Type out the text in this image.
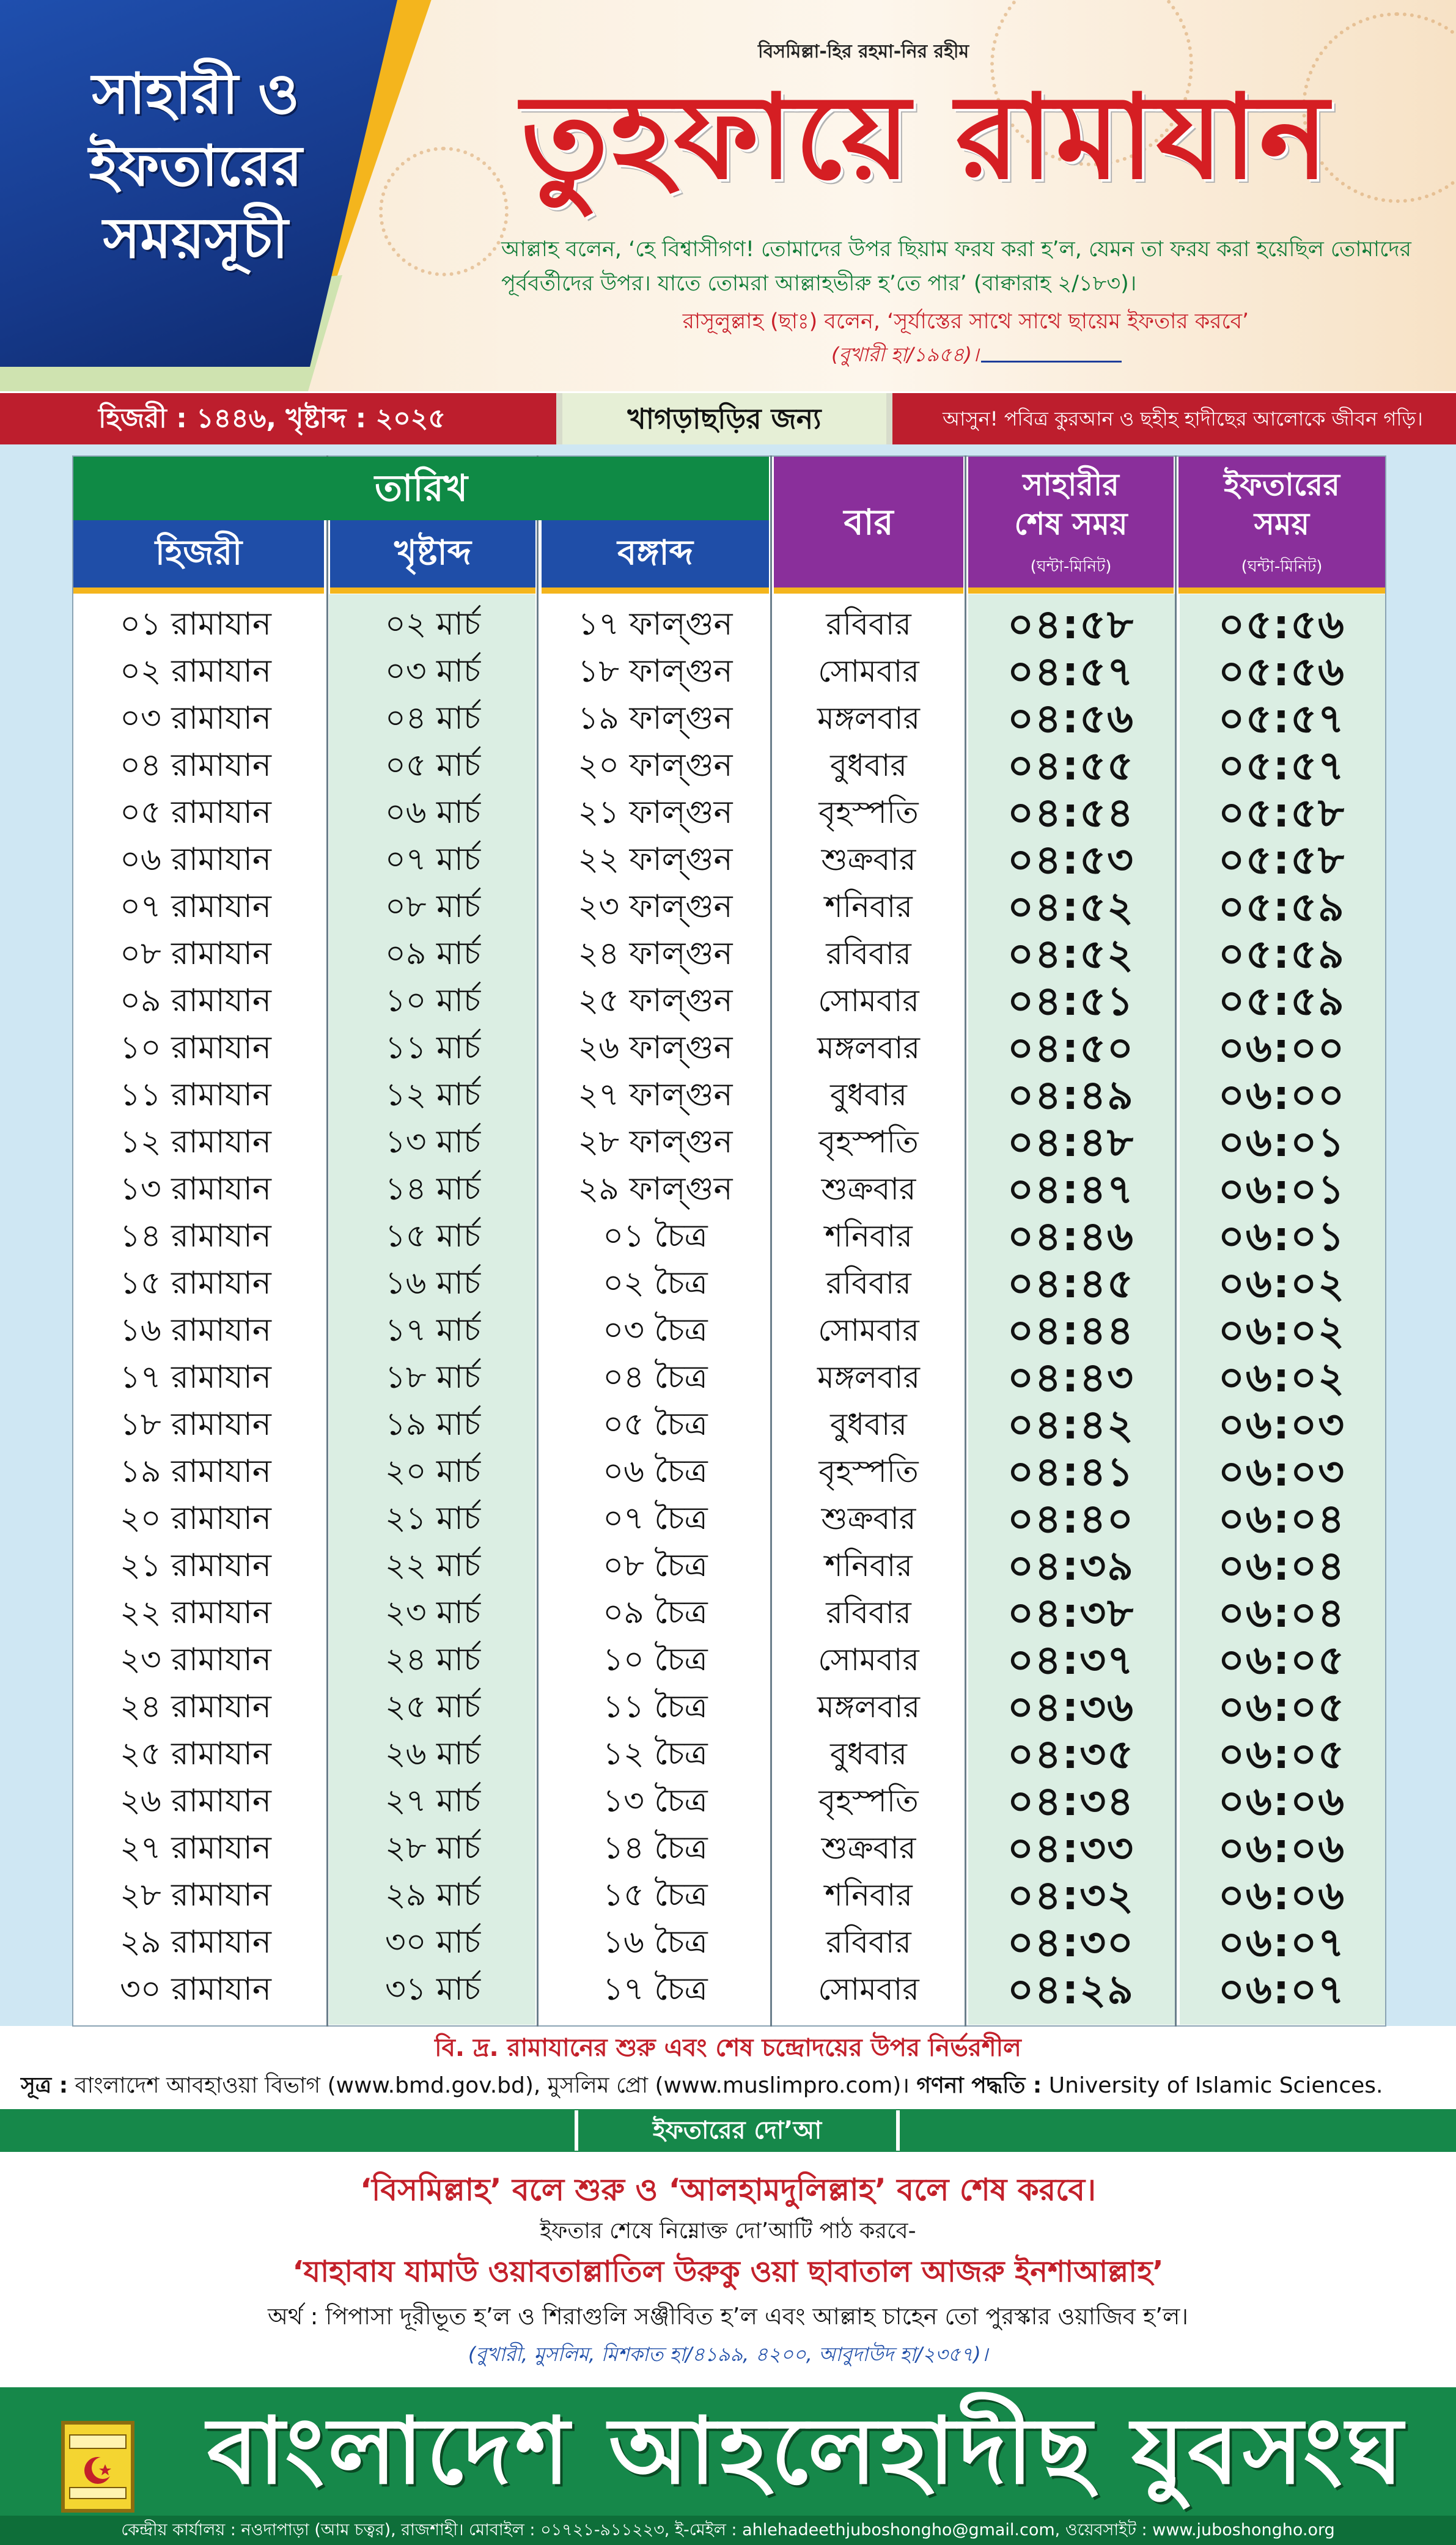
সাহারী ও
ইফতারের
সময়সূচী
বিসমিল্লা-হির রহমা-নির রহীম
তুহফায়ে রামাযান
আল্লাহ বলেন, ‘হে বিশ্বাসীগণ! তোমাদের উপর ছিয়াম ফরয করা হ’ল, যেমন তা ফরয করা হয়েছিল তোমাদের পূর্ববর্তীদের উপর। যাতে তোমরা আল্লাহভীরু হ’তে পার’ (বাক্বারাহ ২/১৮৩)।
রাসূলুল্লাহ (ছাঃ) বলেন, ‘সূর্যাস্তের সাথে সাথে ছায়েম ইফতার করবে’
(বুখারী হা/১৯৫৪)।
হিজরী : ১৪৪৬, খৃষ্টাব্দ : ২০২৫	খাগড়াছড়ির জন্য	আসুন! পবিত্র কুরআন ও ছহীহ হাদীছের আলোকে জীবন গড়ি।
তারিখ
হিজরী	খৃষ্টাব্দ	বঙ্গাব্দ
বার
সাহারীর শেষ সময়
(ঘন্টা-মিনিট)
ইফতারের সময়
(ঘন্টা-মিনিট)
০১ রামাযান	০২ মার্চ	১৭ ফাল্গুন	রবিবার	০৪:৫৮	০৫:৫৬
০২ রামাযান	০৩ মার্চ	১৮ ফাল্গুন	সোমবার	০৪:৫৭	০৫:৫৬
০৩ রামাযান	০৪ মার্চ	১৯ ফাল্গুন	মঙ্গলবার	০৪:৫৬	০৫:৫৭
০৪ রামাযান	০৫ মার্চ	২০ ফাল্গুন	বুধবার	০৪:৫৫	০৫:৫৭
০৫ রামাযান	০৬ মার্চ	২১ ফাল্গুন	বৃহস্পতি	০৪:৫৪	০৫:৫৮
০৬ রামাযান	০৭ মার্চ	২২ ফাল্গুন	শুক্রবার	০৪:৫৩	০৫:৫৮
০৭ রামাযান	০৮ মার্চ	২৩ ফাল্গুন	শনিবার	০৪:৫২	০৫:৫৯
০৮ রামাযান	০৯ মার্চ	২৪ ফাল্গুন	রবিবার	০৪:৫২	০৫:৫৯
০৯ রামাযান	১০ মার্চ	২৫ ফাল্গুন	সোমবার	০৪:৫১	০৫:৫৯
১০ রামাযান	১১ মার্চ	২৬ ফাল্গুন	মঙ্গলবার	০৪:৫০	০৬:০০
১১ রামাযান	১২ মার্চ	২৭ ফাল্গুন	বুধবার	০৪:৪৯	০৬:০০
১২ রামাযান	১৩ মার্চ	২৮ ফাল্গুন	বৃহস্পতি	০৪:৪৮	০৬:০১
১৩ রামাযান	১৪ মার্চ	২৯ ফাল্গুন	শুক্রবার	০৪:৪৭	০৬:০১
১৪ রামাযান	১৫ মার্চ	০১ চৈত্র	শনিবার	০৪:৪৬	০৬:০১
১৫ রামাযান	১৬ মার্চ	০২ চৈত্র	রবিবার	০৪:৪৫	০৬:০২
১৬ রামাযান	১৭ মার্চ	০৩ চৈত্র	সোমবার	০৪:৪৪	০৬:০২
১৭ রামাযান	১৮ মার্চ	০৪ চৈত্র	মঙ্গলবার	০৪:৪৩	০৬:০২
১৮ রামাযান	১৯ মার্চ	০৫ চৈত্র	বুধবার	০৪:৪২	০৬:০৩
১৯ রামাযান	২০ মার্চ	০৬ চৈত্র	বৃহস্পতি	০৪:৪১	০৬:০৩
২০ রামাযান	২১ মার্চ	০৭ চৈত্র	শুক্রবার	০৪:৪০	০৬:০৪
২১ রামাযান	২২ মার্চ	০৮ চৈত্র	শনিবার	০৪:৩৯	০৬:০৪
২২ রামাযান	২৩ মার্চ	০৯ চৈত্র	রবিবার	০৪:৩৮	০৬:০৪
২৩ রামাযান	২৪ মার্চ	১০ চৈত্র	সোমবার	০৪:৩৭	০৬:০৫
২৪ রামাযান	২৫ মার্চ	১১ চৈত্র	মঙ্গলবার	০৪:৩৬	০৬:০৫
২৫ রামাযান	২৬ মার্চ	১২ চৈত্র	বুধবার	০৪:৩৫	০৬:০৫
২৬ রামাযান	২৭ মার্চ	১৩ চৈত্র	বৃহস্পতি	০৪:৩৪	০৬:০৬
২৭ রামাযান	২৮ মার্চ	১৪ চৈত্র	শুক্রবার	০৪:৩৩	০৬:০৬
২৮ রামাযান	২৯ মার্চ	১৫ চৈত্র	শনিবার	০৪:৩২	০৬:০৬
২৯ রামাযান	৩০ মার্চ	১৬ চৈত্র	রবিবার	০৪:৩০	০৬:০৭
৩০ রামাযান	৩১ মার্চ	১৭ চৈত্র	সোমবার	০৪:২৯	০৬:০৭
বি. দ্র. রামাযানের শুরু এবং শেষ চন্দ্রোদয়ের উপর নির্ভরশীল
সূত্র : বাংলাদেশ আবহাওয়া বিভাগ (www.bmd.gov.bd), মুসলিম প্রো (www.muslimpro.com)। গণনা পদ্ধতি : University of Islamic Sciences.
ইফতারের দো’আ
‘বিসমিল্লাহ’ বলে শুরু ও ‘আলহামদুলিল্লাহ’ বলে শেষ করবে।
ইফতার শেষে নিম্নোক্ত দো’আটি পাঠ করবে-
‘যাহাবায যামাউ ওয়াবতাল্লাতিল উরুকু ওয়া ছাবাতাল আজরু ইনশাআল্লাহ’
অর্থ : পিপাসা দূরীভূত হ’ল ও শিরাগুলি সঞ্জীবিত হ’ল এবং আল্লাহ চাহেন তো পুরস্কার ওয়াজিব হ’ল।
(বুখারী, মুসলিম, মিশকাত হা/৪১৯৯, ৪২০০, আবুদাউদ হা/২৩৫৭)।
বাংলাদেশ আহলেহাদীছ যুবসংঘ
কেন্দ্রীয় কার্যালয় : নওদাপাড়া (আম চত্বর), রাজশাহী। মোবাইল : ০১৭২১-৯১১২২৩, ই-মেইল : ahlehadeethjuboshongho@gmail.com, ওয়েবসাইট : www.juboshongho.org
